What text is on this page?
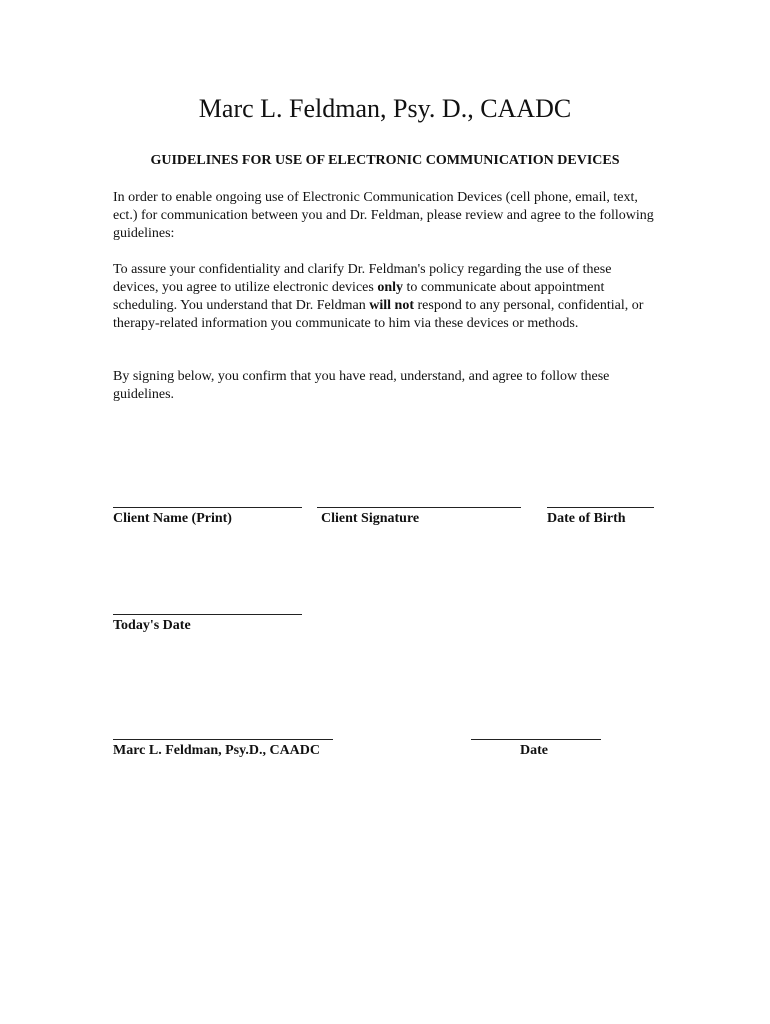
Marc L. Feldman, Psy. D., CAADC
GUIDELINES FOR USE OF ELECTRONIC COMMUNICATION DEVICES

In order to enable ongoing use of Electronic Communication Devices (cell phone, email, text, ect.) for communication between you and Dr. Feldman, please review and agree to the following guidelines:

To assure your confidentiality and clarify Dr. Feldman's policy regarding the use of these devices, you agree to utilize electronic devices only to communicate about appointment scheduling. You understand that Dr. Feldman will not respond to any personal, confidential, or therapy-related information you communicate to him via these devices or methods.

By signing below, you confirm that you have read, understand, and agree to follow these guidelines.

Client Name (Print)	Client Signature	Date of Birth
Today's Date
Marc L. Feldman, Psy.D., CAADC	Date
